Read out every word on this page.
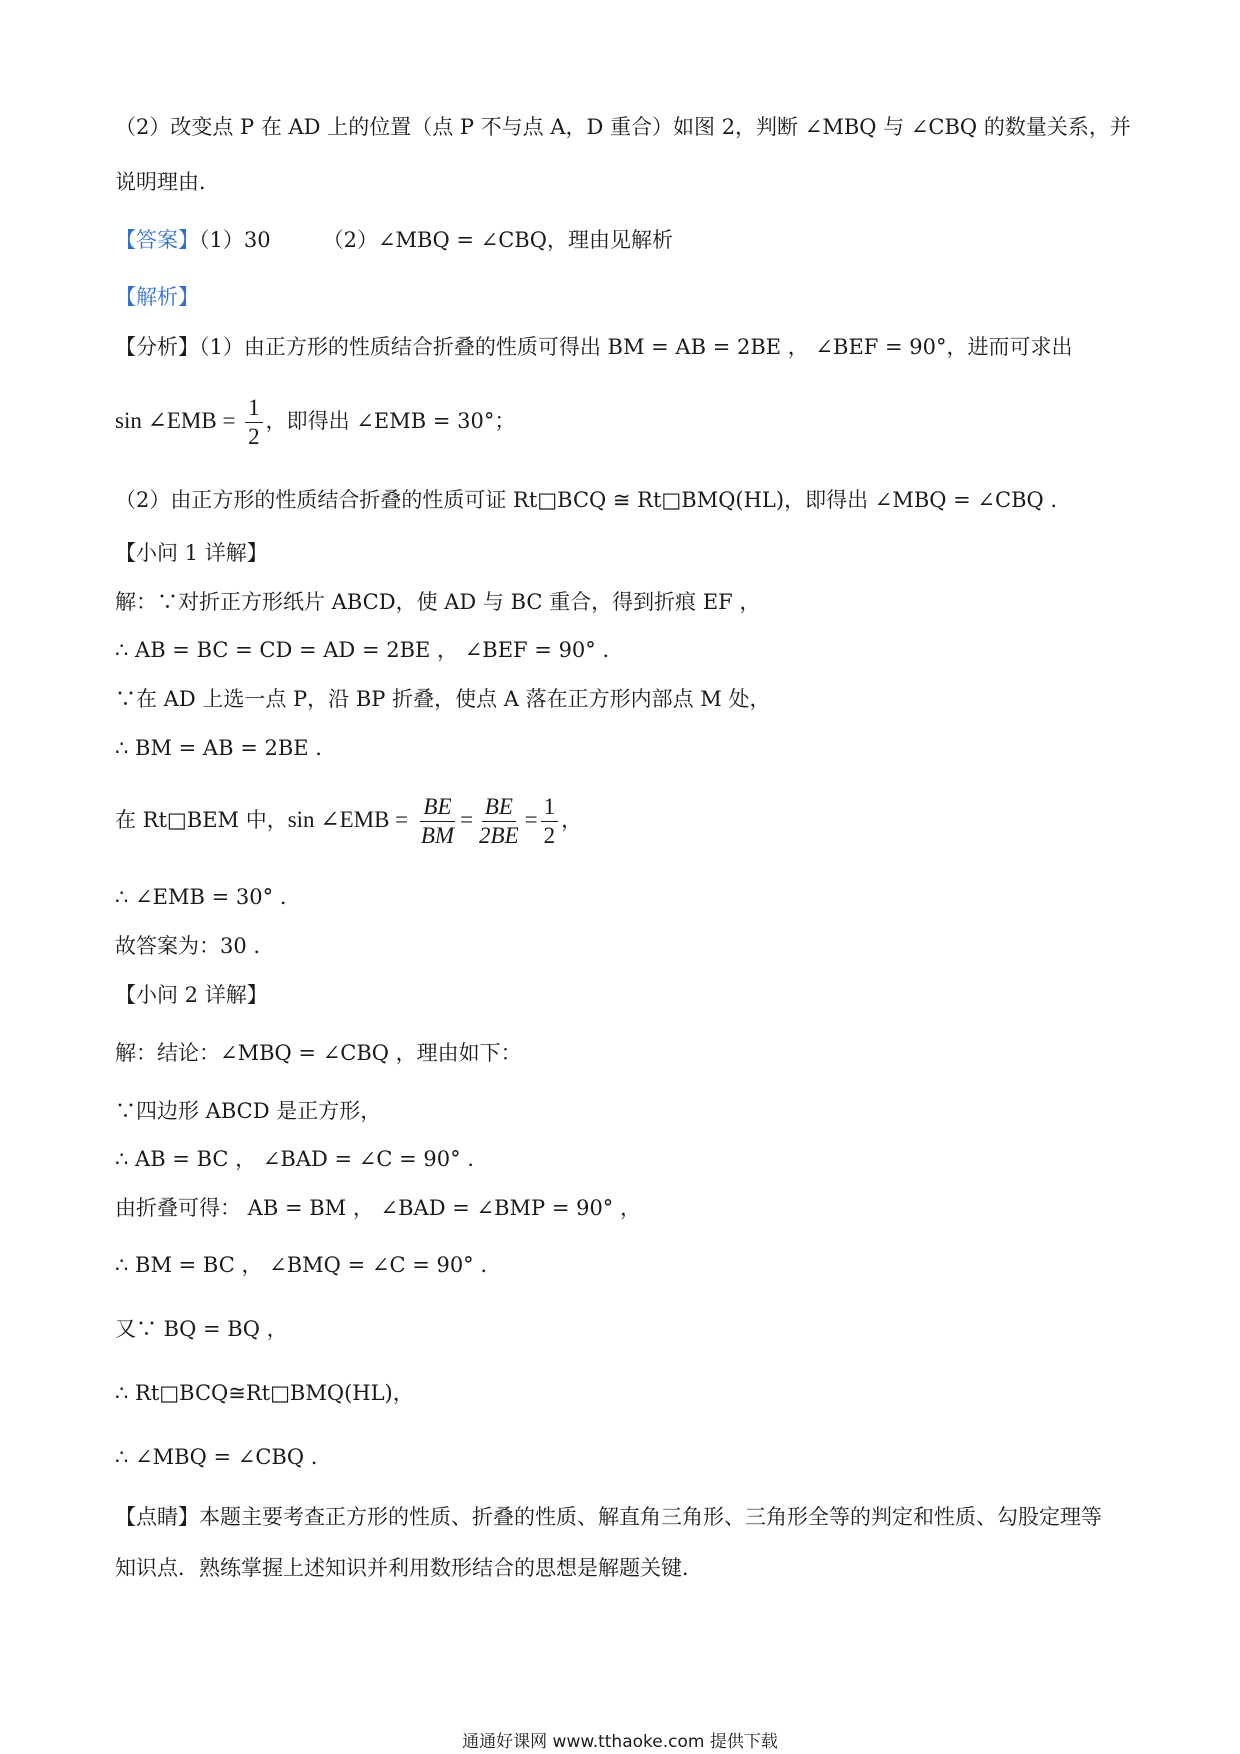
（2）改变点 P 在 AD 上的位置（点 P 不与点 A，D 重合）如图 2，判断 ∠MBQ 与 ∠CBQ 的数量关系，并
说明理由．
【答案】（1）30 （2）∠MBQ = ∠CBQ，理由见解析
【解析】
【分析】（1）由正方形的性质结合折叠的性质可得出 BM = AB = 2BE ， ∠BEF = 90°，进而可求出
sin ∠EMB = $\frac{1}{2}$ ，即得出 ∠EMB = 30°；
（2）由正方形的性质结合折叠的性质可证 Rt□BCQ ≅ Rt□BMQ(HL)，即得出 ∠MBQ = ∠CBQ .
【小问 1 详解】
解：∵对折正方形纸片 ABCD，使 AD 与 BC 重合，得到折痕 EF ，
∴ AB = BC = CD = AD = 2BE ， ∠BEF = 90° .
∵在 AD 上选一点 P，沿 BP 折叠，使点 A 落在正方形内部点 M 处，
∴ BM = AB = 2BE .
在 Rt□BEM 中，sin ∠EMB = $\frac{BE}{BM} = \frac{BE}{2BE} = \frac{1}{2}$ ，
∴ ∠EMB = 30° .
故答案为：30 .
【小问 2 详解】
解：结论：∠MBQ = ∠CBQ ，理由如下：
∵四边形 ABCD 是正方形，
∴ AB = BC ， ∠BAD = ∠C = 90° .
由折叠可得： AB = BM ， ∠BAD = ∠BMP = 90° ，
∴ BM = BC ， ∠BMQ = ∠C = 90° .
又∵ BQ = BQ ，
∴ Rt□BCQ≅Rt□BMQ(HL)，
∴ ∠MBQ = ∠CBQ .
【点睛】本题主要考查正方形的性质、折叠的性质、解直角三角形、三角形全等的判定和性质、勾股定理等
知识点．熟练掌握上述知识并利用数形结合的思想是解题关键．
通通好课网 www.tthaoke.com 提供下载
